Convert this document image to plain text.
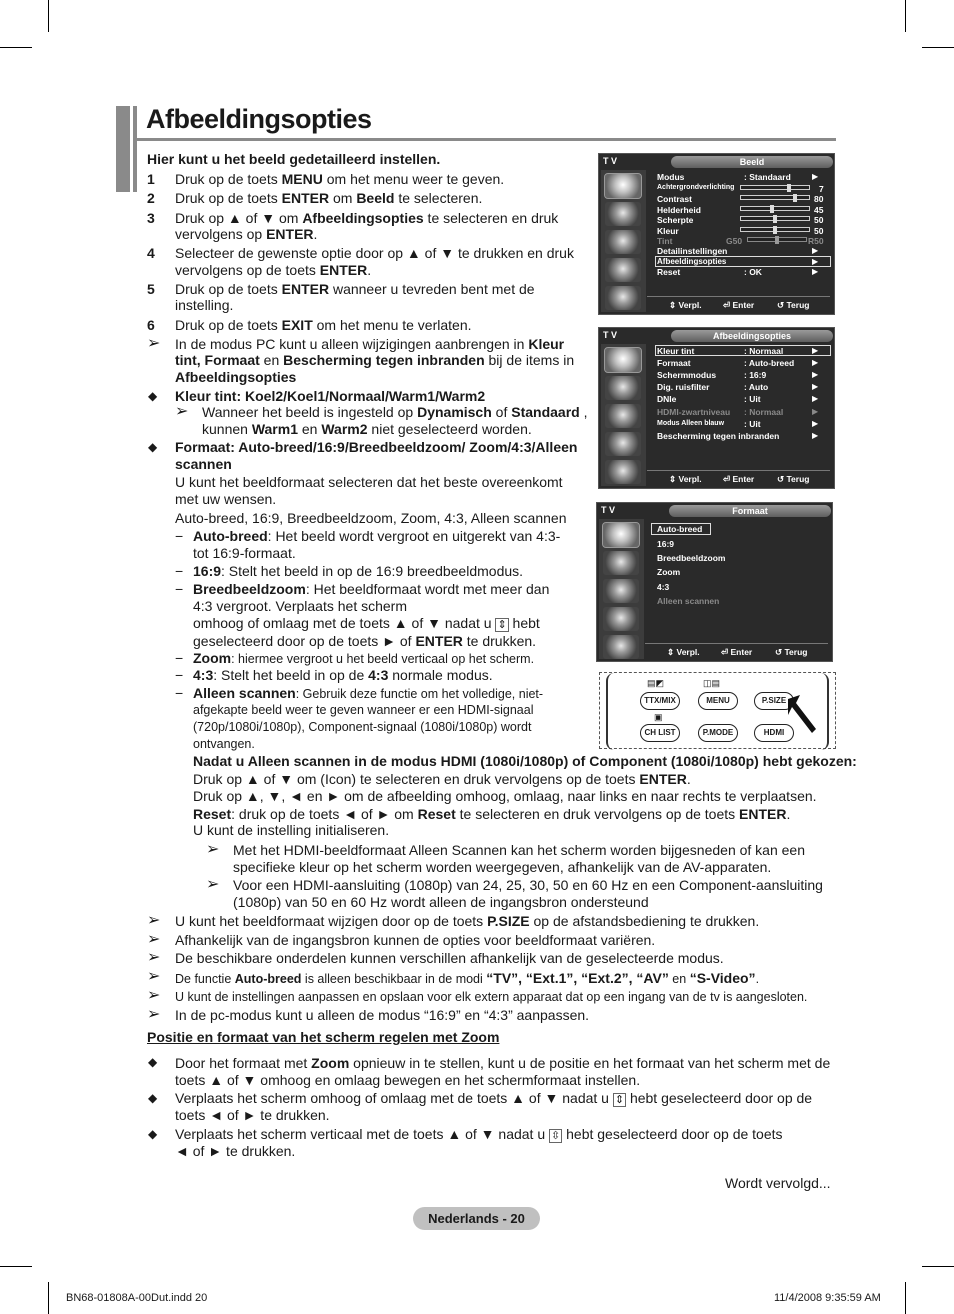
Afbeeldingsopties
Hier kunt u het beeld gedetailleerd instellen.
1 Druk op de toets MENU om het menu weer te geven.
2 Druk op de toets ENTER om Beeld te selecteren.
3 Druk op ▲ of ▼ om Afbeeldingsopties te selecteren en druk
vervolgens op ENTER.
4 Selecteer de gewenste optie door op ▲ of ▼ te drukken en druk
vervolgens op de toets ENTER.
5 Druk op de toets ENTER wanneer u tevreden bent met de
instelling.
6 Druk op de toets EXIT om het menu te verlaten.
➢ In de modus PC kunt u alleen wijzigingen aanbrengen in Kleur
tint, Formaat en Bescherming tegen inbranden bij de items in
Afbeeldingsopties
◆ Kleur tint: Koel2/Koel1/Normaal/Warm1/Warm2
➢ Wanneer het beeld is ingesteld op Dynamisch of Standaard ,
kunnen Warm1 en Warm2 niet geselecteerd worden.
◆ Formaat: Auto-breed/16:9/Breedbeeldzoom/ Zoom/4:3/Alleen
scannen
U kunt het beeldformaat selecteren dat het beste overeenkomt
met uw wensen.
Auto-breed, 16:9, Breedbeeldzoom, Zoom, 4:3, Alleen scannen
− Auto-breed: Het beeld wordt vergroot en uitgerekt van 4:3-
tot 16:9-formaat.
− 16:9: Stelt het beeld in op de 16:9 breedbeeldmodus.
− Breedbeeldzoom: Het beeldformaat wordt met meer dan
4:3 vergroot. Verplaats het scherm
omhoog of omlaag met de toets ▲ of ▼ nadat u ⇕ hebt
geselecteerd door op de toets ► of ENTER te drukken.
− Zoom: hiermee vergroot u het beeld verticaal op het scherm.
− 4:3: Stelt het beeld in op de 4:3 normale modus.
− Alleen scannen: Gebruik deze functie om het volledige, niet-
afgekapte beeld weer te geven wanneer er een HDMI-signaal
(720p/1080i/1080p), Component-signaal (1080i/1080p) wordt
ontvangen.
Nadat u Alleen scannen in de modus HDMI (1080i/1080p) of Component (1080i/1080p) hebt gekozen:
Druk op ▲ of ▼ om (Icon) te selecteren en druk vervolgens op de toets ENTER.
Druk op ▲, ▼, ◄ en ► om de afbeelding omhoog, omlaag, naar links en naar rechts te verplaatsen.
Reset: druk op de toets ◄ of ► om Reset te selecteren en druk vervolgens op de toets ENTER.
U kunt de instelling initialiseren.
➢ Met het HDMI-beeldformaat Alleen Scannen kan het scherm worden bijgesneden of kan een
specifieke kleur op het scherm worden weergegeven, afhankelijk van de AV-apparaten.
➢ Voor een HDMI-aansluiting (1080p) van 24, 25, 30, 50 en 60 Hz en een Component-aansluiting
(1080p) van 50 en 60 Hz wordt alleen de ingangsbron ondersteund
➢ U kunt het beeldformaat wijzigen door op de toets P.SIZE op de afstandsbediening te drukken.
➢ Afhankelijk van de ingangsbron kunnen de opties voor beeldformaat variëren.
➢ De beschikbare onderdelen kunnen verschillen afhankelijk van de geselecteerde modus.
➢ De functie Auto-breed is alleen beschikbaar in de modi “TV”, “Ext.1”, “Ext.2”, “AV” en “S-Video”.
➢ U kunt de instellingen aanpassen en opslaan voor elk extern apparaat dat op een ingang van de tv is aangesloten.
➢ In de pc-modus kunt u alleen de modus “16:9” en “4:3” aanpassen.
Positie en formaat van het scherm regelen met Zoom
◆ Door het formaat met Zoom opnieuw in te stellen, kunt u de positie en het formaat van het scherm met de
toets ▲ of ▼ omhoog en omlaag bewegen en het schermformaat instellen.
◆ Verplaats het scherm omhoog of omlaag met de toets ▲ of ▼ nadat u ⇕ hebt geselecteerd door op de
toets ◄ of ► te drukken.
◆ Verplaats het scherm verticaal met de toets ▲ of ▼ nadat u ⇳ hebt geselecteerd door op de toets
◄ of ► te drukken.
Wordt vervolgd...
T V	Beeld
Modus	: Standaard	▶
Achtergrondverlichting	7
Contrast	80
Helderheid	45
Scherpte	50
Kleur	50
Tint	G50	R50
Detailinstellingen	▶
Afbeeldingsopties	▶
Reset	: OK	▶
⇕ Verpl.	⏎ Enter	↺ Terug
T V	Afbeeldingsopties
Kleur tint	: Normaal	▶
Formaat	: Auto-breed ▶
Schermmodus	: 16:9	▶
Dig. ruisfilter	: Auto	▶
DNIe	: Uit	▶
HDMI-zwartniveau : Normaal	▶
Modus Alleen blauw : Uit	▶
Bescherming tegen inbranden	▶
⇕ Verpl.	⏎ Enter	↺ Terug
T V	Formaat
Auto-breed
16:9
Breedbeeldzoom
Zoom
4:3
Alleen scannen
⇕ Verpl.	⏎ Enter	↺ Terug
▤◩	◫▤
TTX/MIX	MENU	P.SIZE
▣
CH LIST	P.MODE	HDMI
Nederlands - 20
BN68-01808A-00Dut.indd 20	11/4/2008 9:35:59 AM
